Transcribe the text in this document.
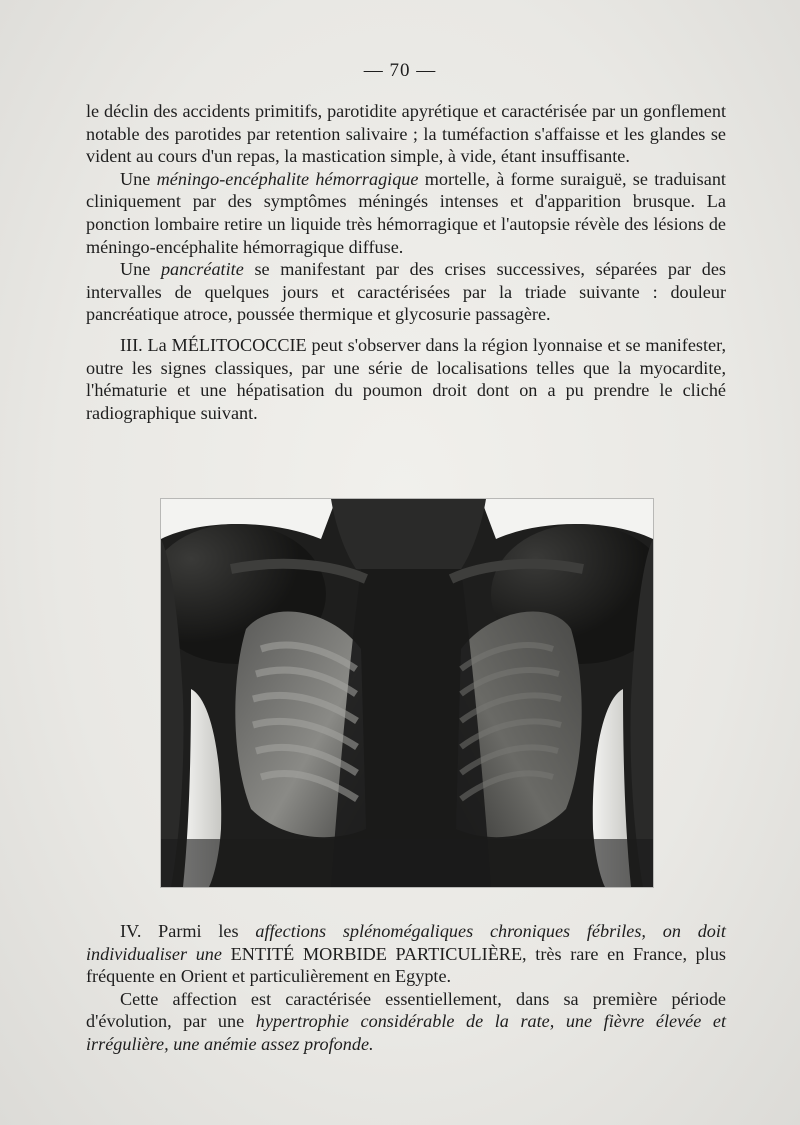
— 70 —

le déclin des accidents primitifs, parotidite apyrétique et caractérisée par un gonflement notable des parotides par retention salivaire ; la tuméfaction s'affaisse et les glandes se vident au cours d'un repas, la mastication simple, à vide, étant insuffisante.

Une méningo-encéphalite hémorragique mortelle, à forme suraiguë, se traduisant cliniquement par des symptômes méningés intenses et d'apparition brusque. La ponction lombaire retire un liquide très hémorragique et l'autopsie révèle des lésions de méningo-encéphalite hémorragique diffuse.

Une pancréatite se manifestant par des crises successives, séparées par des intervalles de quelques jours et caractérisées par la triade suivante : douleur pancréatique atroce, poussée thermique et glycosurie passagère.

III. La MÉLITOCOCCIE peut s'observer dans la région lyonnaise et se manifester, outre les signes classiques, par une série de localisations telles que la myocardite, l'hématurie et une hépatisation du poumon droit dont on a pu prendre le cliché radiographique suivant.

IV. Parmi les affections splénomégaliques chroniques fébriles, on doit individualiser une ENTITÉ MORBIDE PARTICULIÈRE, très rare en France, plus fréquente en Orient et particulièrement en Egypte.

Cette affection est caractérisée essentiellement, dans sa première période d'évolution, par une hypertrophie considérable de la rate, une fièvre élevée et irrégulière, une anémie assez profonde.
